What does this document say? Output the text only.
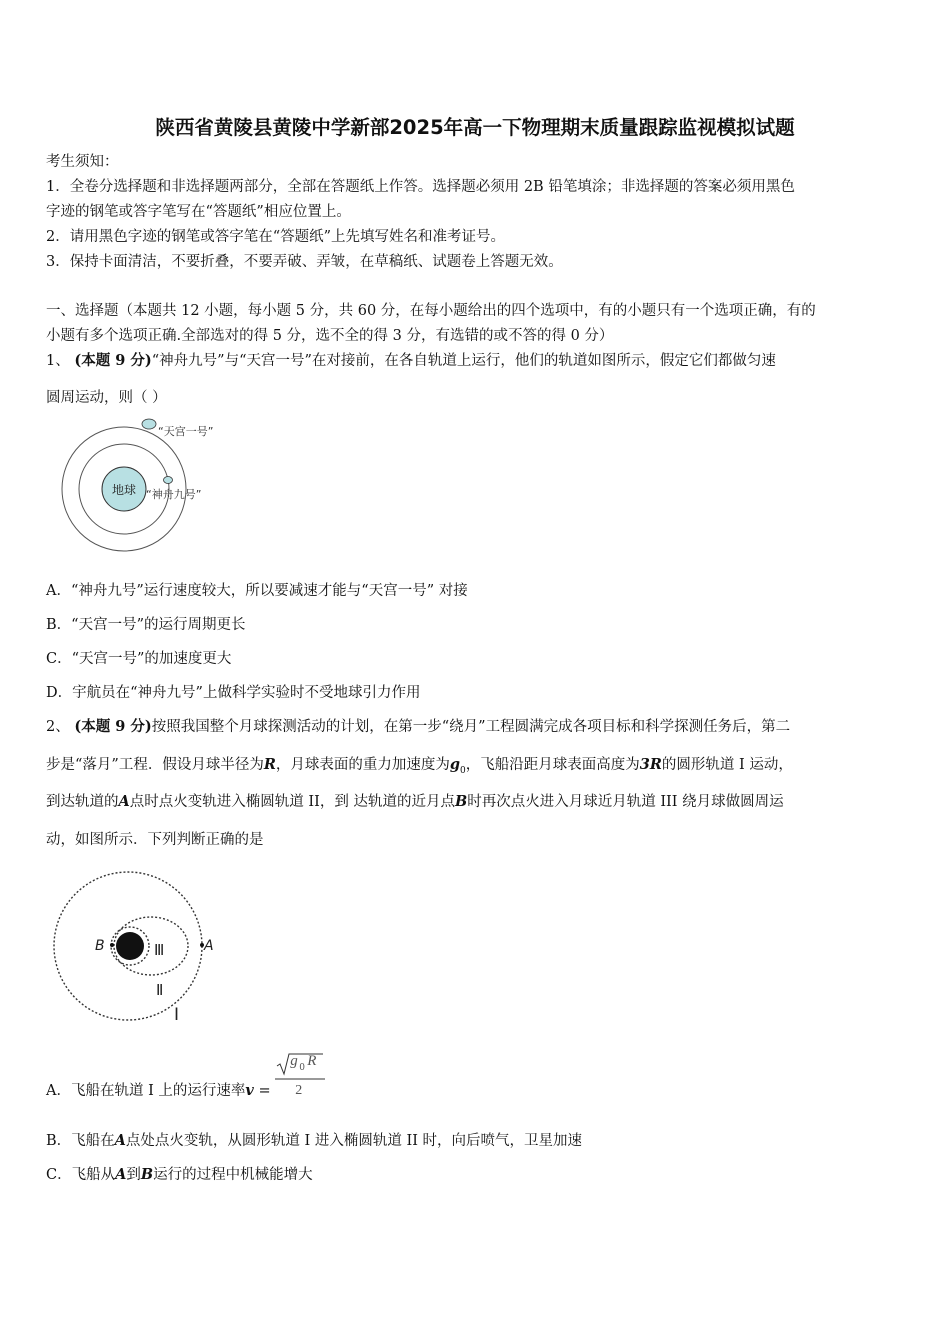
陕西省黄陵县黄陵中学新部2025年高一下物理期末质量跟踪监视模拟试题
考生须知：
1．全卷分选择题和非选择题两部分，全部在答题纸上作答。选择题必须用 2B 铅笔填涂；非选择题的答案必须用黑色
字迹的钢笔或答字笔写在“答题纸”相应位置上。
2．请用黑色字迹的钢笔或答字笔在“答题纸”上先填写姓名和准考证号。
3．保持卡面清洁，不要折叠，不要弄破、弄皱，在草稿纸、试题卷上答题无效。
一、选择题（本题共 12 小题，每小题 5 分，共 60 分，在每小题给出的四个选项中，有的小题只有一个选项正确，有的
小题有多个选项正确.全部选对的得 5 分，选不全的得 3 分，有选错的或不答的得 0 分）
1、 (本题 9 分)“神舟九号”与“天宫一号”在对接前，在各自轨道上运行，他们的轨道如图所示，假定它们都做匀速
圆周运动，则（ ）
地球
“天宫一号”
“神舟九号”
A．“神舟九号”运行速度较大，所以要减速才能与“天宫一号” 对接
B．“天宫一号”的运行周期更长
C．“天宫一号”的加速度更大
D．宇航员在“神舟九号”上做科学实验时不受地球引力作用
2、 (本题 9 分)按照我国整个月球探测活动的计划，在第一步“绕月”工程圆满完成各项目标和科学探测任务后，第二
步是“落月”工程．假设月球半径为R，月球表面的重力加速度为$g_0$，飞船沿距月球表面高度为3R的圆形轨道 I 运动，
到达轨道的A点时点火变轨进入椭圆轨道 II，到 达轨道的近月点B时再次点火进入月球近月轨道 III 绕月球做圆周运
动，如图所示．下列判断正确的是
B	A
Ⅲ
Ⅱ
I
A．飞船在轨道 I 上的运行速率v =
g 0 R
2
B．飞船在A点处点火变轨，从圆形轨道 I 进入椭圆轨道 II 时，向后喷气，卫星加速
C．飞船从A到B运行的过程中机械能增大
